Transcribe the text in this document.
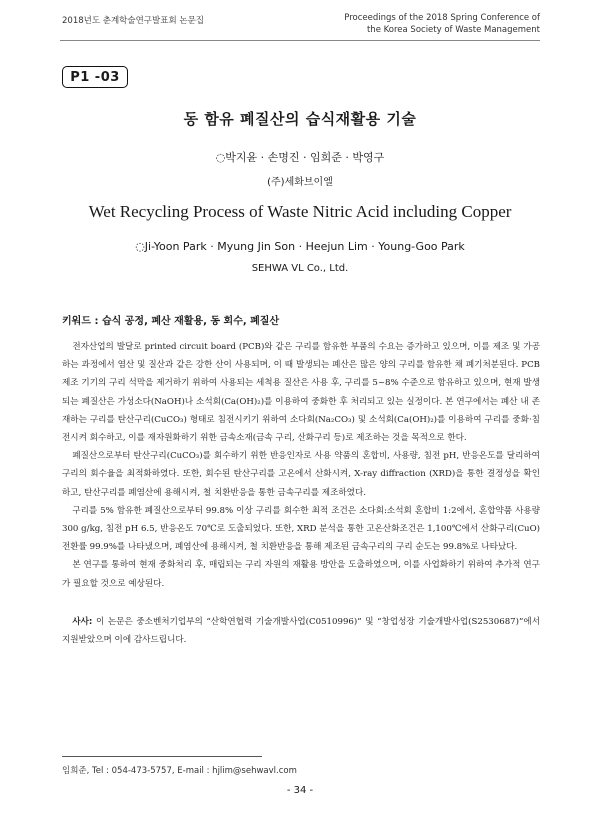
2018년도 춘계학술연구발표회 논문집	Proceedings of the 2018 Spring Conference of
the Korea Society of Waste Management
P1 -03
동 함유 폐질산의 습식재활용 기술
◌박지윤 · 손명진 · 임희준 · 박영구
(주)세화브이엘
Wet Recycling Process of Waste Nitric Acid including Copper
◌Ji-Yoon Park · Myung Jin Son · Heejun Lim · Young-Goo Park
SEHWA VL Co., Ltd.
키워드 : 습식 공정, 폐산 재활용, 동 회수, 폐질산

전자산업의 발달로 printed circuit board (PCB)와 같은 구리를 함유한 부품의 수요는 증가하고 있으며, 이를 제조 및 가공하는 과정에서 염산 및 질산과 같은 강한 산이 사용되며, 이 때 발생되는 폐산은 많은 양의 구리를 함유한 채 폐기처분된다. PCB 제조 기기의 구리 석막을 제거하기 위하여 사용되는 세척용 질산은 사용 후, 구리를 5~8% 수준으로 함유하고 있으며, 현재 발생되는 폐질산은 가성소다(NaOH)나 소석회(Ca(OH)₂)를 이용하여 중화한 후 처리되고 있는 실정이다. 본 연구에서는 폐산 내 존재하는 구리를 탄산구리(CuCO₃) 형태로 침전시키기 위하여 소다회(Na₂CO₃) 및 소석회(Ca(OH)₂)를 이용하여 구리를 중화·침전시켜 회수하고, 이를 재자원화하기 위한 금속소재(금속 구리, 산화구리 등)로 제조하는 것을 목적으로 한다.

폐질산으로부터 탄산구리(CuCO₃)를 회수하기 위한 반응인자로 사용 약품의 혼합비, 사용량, 침전 pH, 반응온도를 달리하여 구리의 회수율을 최적화하였다. 또한, 회수된 탄산구리를 고온에서 산화시켜, X-ray diffraction (XRD)을 통한 결정성을 확인하고, 탄산구리를 폐염산에 용해시켜, 철 치환반응을 통한 금속구리를 제조하였다.

구리를 5% 함유한 폐질산으로부터 99.8% 이상 구리를 회수한 최적 조건은 소다회:소석회 혼합비 1:2에서, 혼합약품 사용량 300 g/kg, 침전 pH 6.5, 반응온도 70℃로 도출되었다. 또한, XRD 분석을 통한 고온산화조건은 1,100℃에서 산화구리(CuO) 전환률 99.9%를 나타냈으며, 폐염산에 용해시켜, 철 치환반응을 통해 제조된 금속구리의 구리 순도는 99.8%로 나타났다.

본 연구를 통하여 현재 중화처리 후, 매립되는 구리 자원의 재활용 방안을 도출하였으며, 이를 사업화하기 위하여 추가적 연구가 필요할 것으로 예상된다.

사사: 이 논문은 중소벤처기업부의 “산학연협력 기술개발사업(C0510996)” 및 “창업성장 기술개발사업(S2530687)”에서 지원받았으며 이에 감사드립니다.
임희준, Tel : 054-473-5757, E-mail : hjlim@sehwavl.com
- 34 -
